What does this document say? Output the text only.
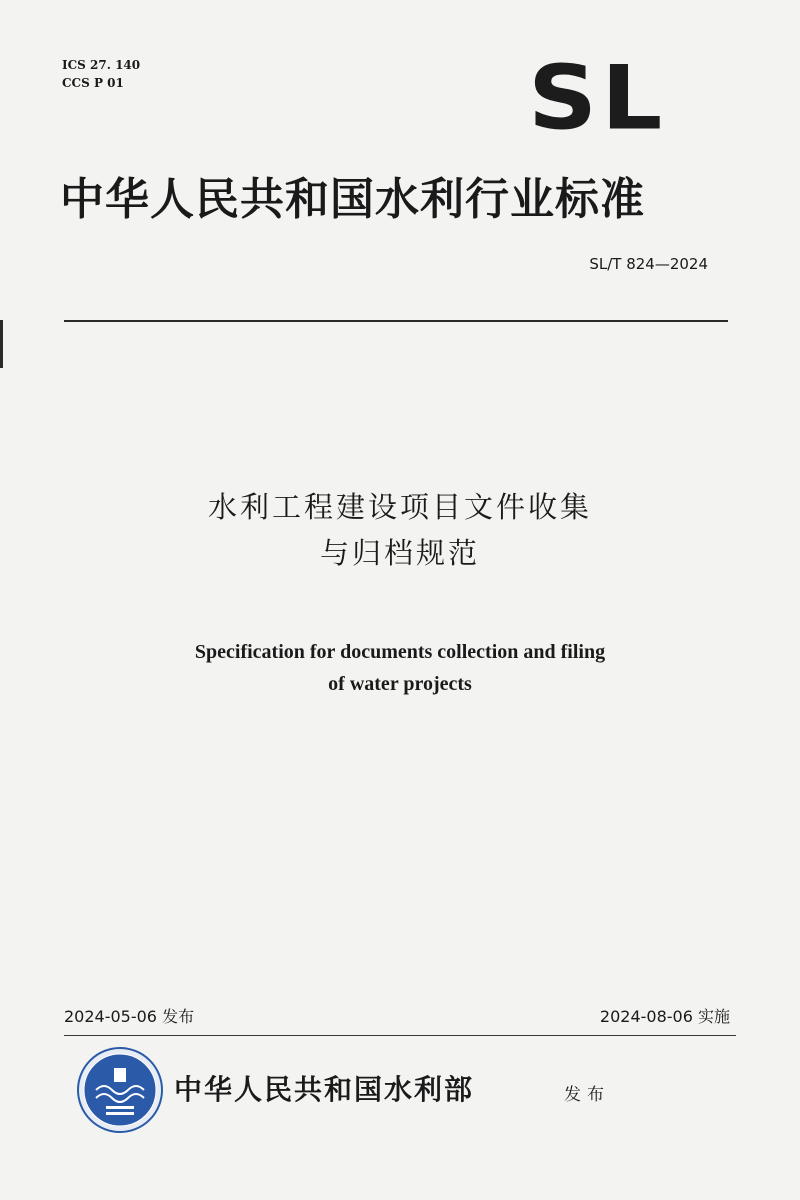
ICS 27. 140
CCS P 01	SL
中华人民共和国水利行业标准
SL/T 824—2024
水利工程建设项目文件收集
与归档规范
Specification for documents collection and filing
of water projects
2024-05-06 发布	2024-08-06 实施
中华人民共和国水利部	发布
